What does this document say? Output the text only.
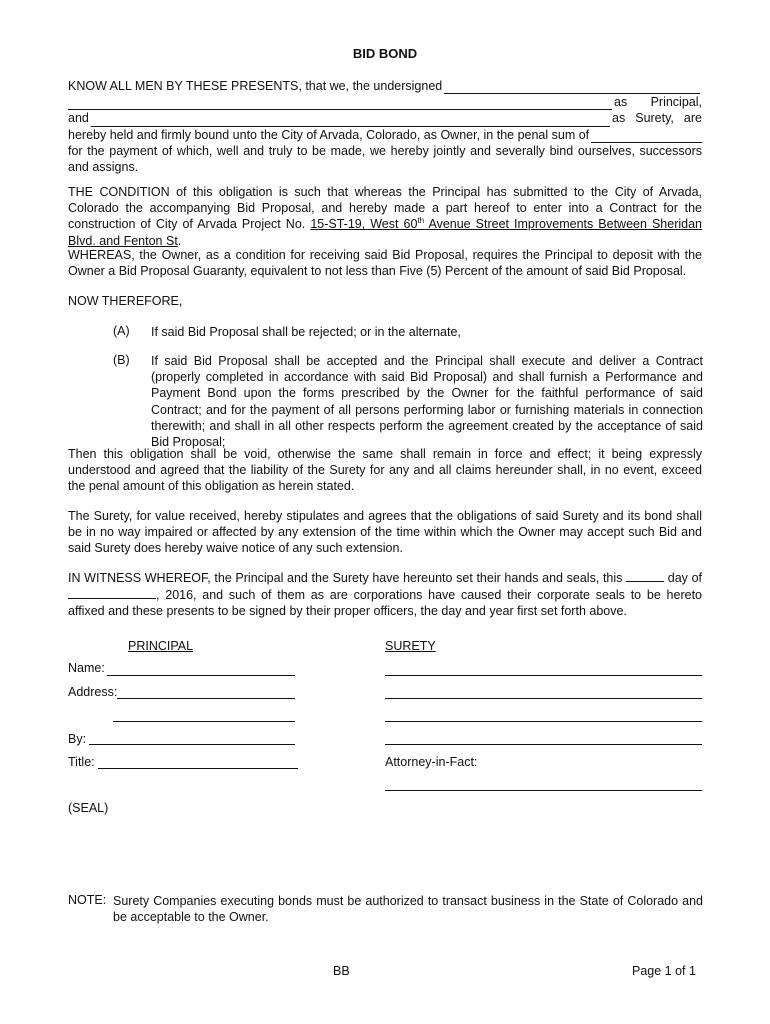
BID BOND
KNOW ALL MEN BY THESE PRESENTS, that we, the undersigned
as Principal,
and	as Surety, are
hereby held and firmly bound unto the City of Arvada, Colorado, as Owner, in the penal sum of
for the payment of which, well and truly to be made, we hereby jointly and severally bind ourselves, successors and assigns.
THE CONDITION of this obligation is such that whereas the Principal has submitted to the City of Arvada, Colorado the accompanying Bid Proposal, and hereby made a part hereof to enter into a Contract for the construction of City of Arvada Project No. 15-ST-19, West 60th Avenue Street Improvements Between Sheridan Blvd. and Fenton St.
WHEREAS, the Owner, as a condition for receiving said Bid Proposal, requires the Principal to deposit with the Owner a Bid Proposal Guaranty, equivalent to not less than Five (5) Percent of the amount of said Bid Proposal.
NOW THEREFORE,
(A) If said Bid Proposal shall be rejected; or in the alternate,
(B) If said Bid Proposal shall be accepted and the Principal shall execute and deliver a Contract (properly completed in accordance with said Bid Proposal) and shall furnish a Performance and Payment Bond upon the forms prescribed by the Owner for the faithful performance of said Contract; and for the payment of all persons performing labor or furnishing materials in connection therewith; and shall in all other respects perform the agreement created by the acceptance of said Bid Proposal;
Then this obligation shall be void, otherwise the same shall remain in force and effect; it being expressly understood and agreed that the liability of the Surety for any and all claims hereunder shall, in no event, exceed the penal amount of this obligation as herein stated.
The Surety, for value received, hereby stipulates and agrees that the obligations of said Surety and its bond shall be in no way impaired or affected by any extension of the time within which the Owner may accept such Bid and said Surety does hereby waive notice of any such extension.
IN WITNESS WHEREOF, the Principal and the Surety have hereunto set their hands and seals, this	day of , 2016, and such of them as are corporations have caused their corporate seals to be hereto affixed and these presents to be signed by their proper officers, the day and year first set forth above.
PRINCIPAL	SURETY
Name:
Address:
By:
Title:	Attorney-in-Fact:
(SEAL)
NOTE: Surety Companies executing bonds must be authorized to transact business in the State of Colorado and be acceptable to the Owner.
BB	Page 1 of 1
